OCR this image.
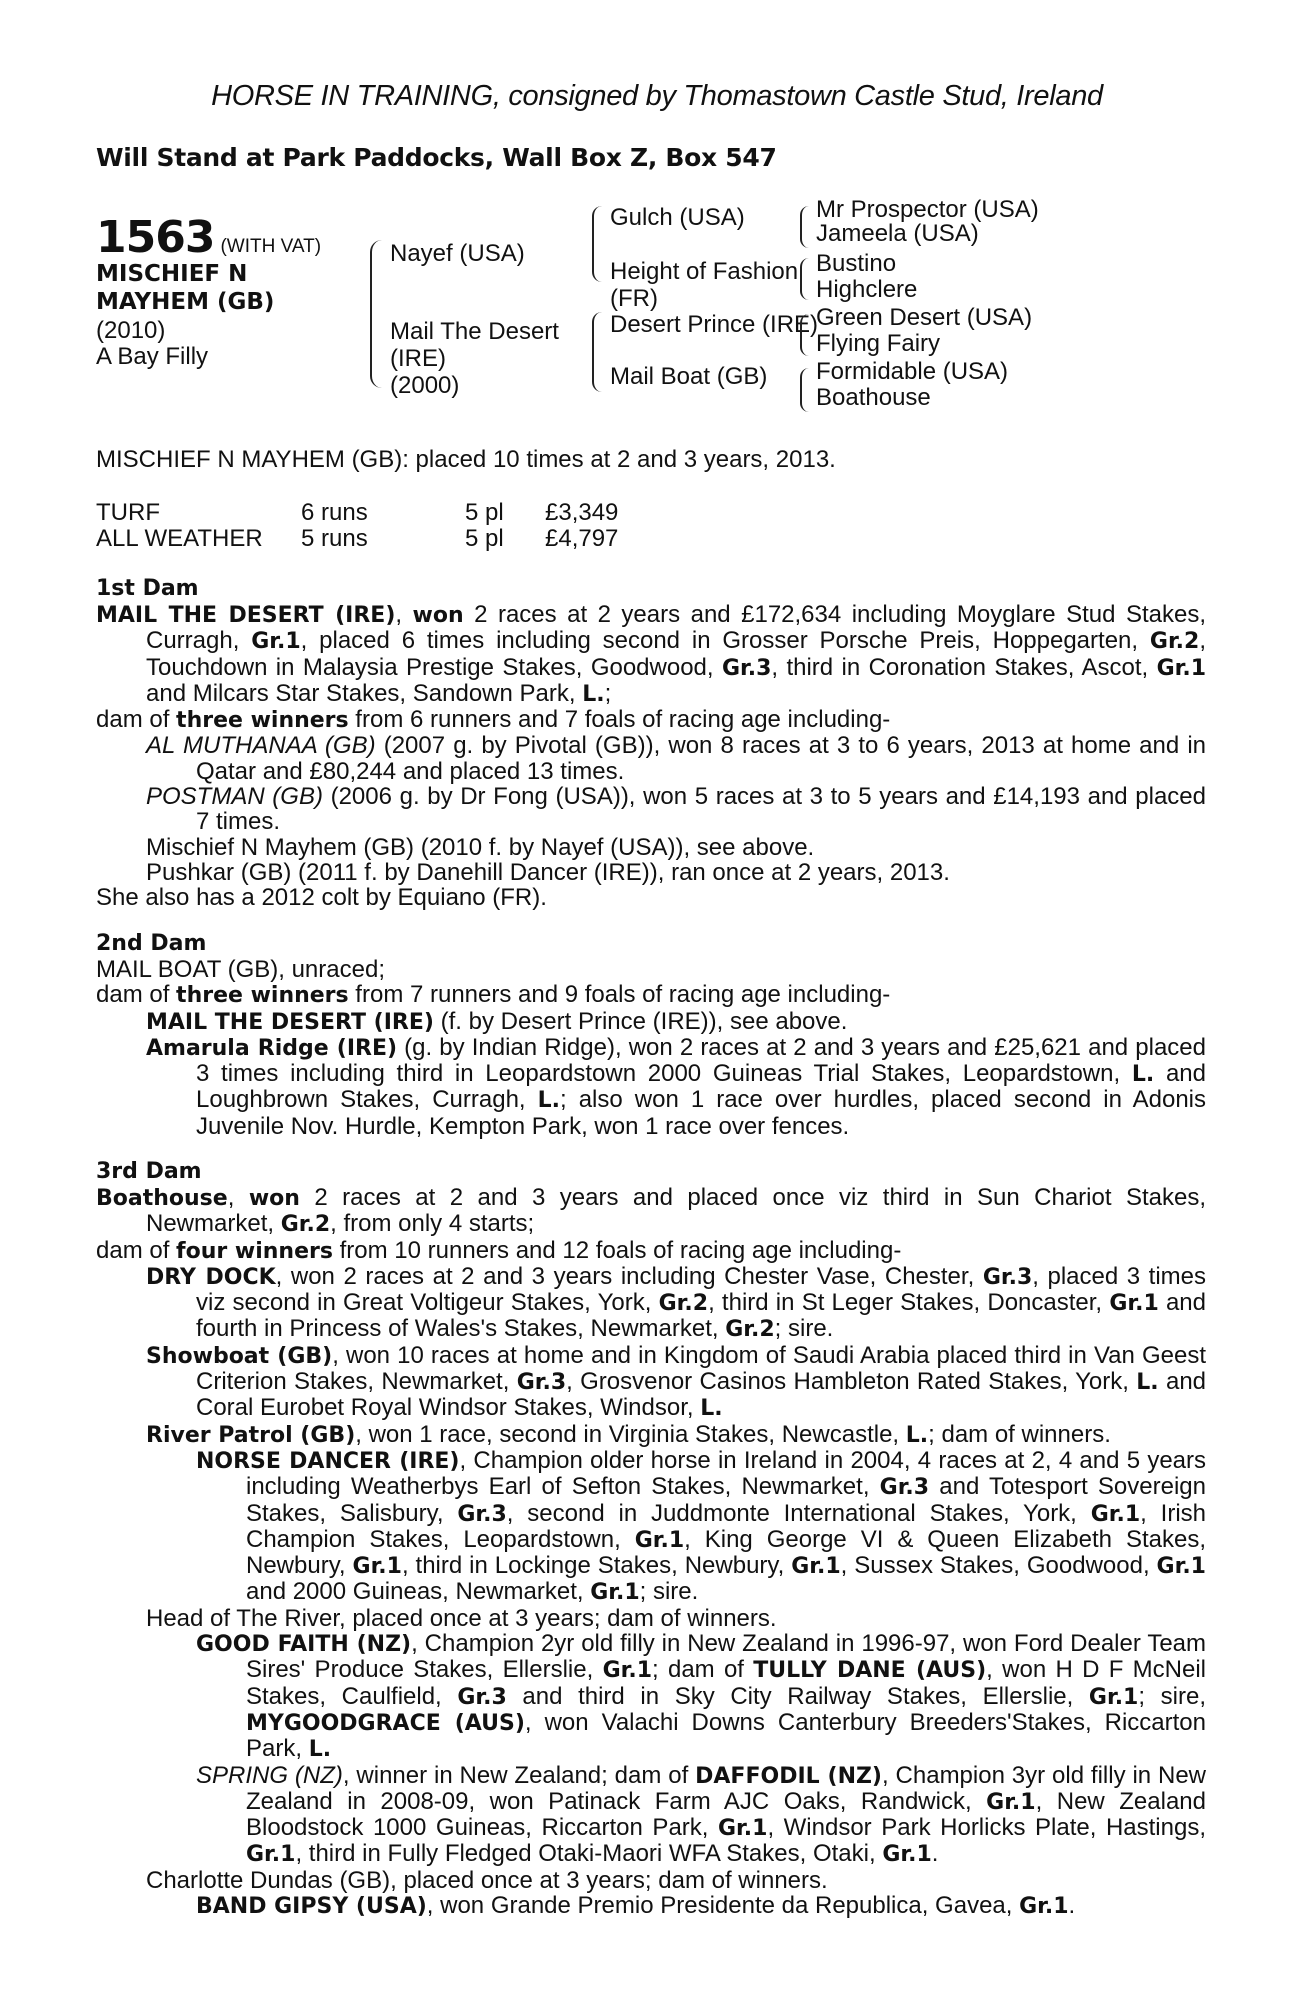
HORSE IN TRAINING, consigned by Thomastown Castle Stud, Ireland
Will Stand at Park Paddocks, Wall Box Z, Box 547
1563 (WITH VAT)
MISCHIEF N
MAYHEM (GB)
(2010)
A Bay Filly
Nayef (USA)
Mail The Desert
(IRE)
(2000)
Gulch (USA)
Height of Fashion
(FR)
Desert Prince (IRE)
Mail Boat (GB)
Mr Prospector (USA)
Jameela (USA)
Bustino
Highclere
Green Desert (USA)
Flying Fairy
Formidable (USA)
Boathouse
MISCHIEF N MAYHEM (GB): placed 10 times at 2 and 3 years, 2013.
TURF	6 runs	5 pl £3,349
ALL WEATHER 5 runs	5 pl £4,797
1st Dam

MAIL THE DESERT (IRE), won 2 races at 2 years and £172,634 including Moyglare Stud Stakes, Curragh, Gr.1, placed 6 times including second in Grosser Porsche Preis, Hoppegarten, Gr.2, Touchdown in Malaysia Prestige Stakes, Goodwood, Gr.3, third in Coronation Stakes, Ascot, Gr.1 and Milcars Star Stakes, Sandown Park, L.;

dam of three winners from 6 runners and 7 foals of racing age including-

AL MUTHANAA (GB) (2007 g. by Pivotal (GB)), won 8 races at 3 to 6 years, 2013 at home and in Qatar and £80,244 and placed 13 times.

POSTMAN (GB) (2006 g. by Dr Fong (USA)), won 5 races at 3 to 5 years and £14,193 and placed 7 times.

Mischief N Mayhem (GB) (2010 f. by Nayef (USA)), see above.

Pushkar (GB) (2011 f. by Danehill Dancer (IRE)), ran once at 2 years, 2013.

She also has a 2012 colt by Equiano (FR).

2nd Dam

MAIL BOAT (GB), unraced;

dam of three winners from 7 runners and 9 foals of racing age including-

MAIL THE DESERT (IRE) (f. by Desert Prince (IRE)), see above.

Amarula Ridge (IRE) (g. by Indian Ridge), won 2 races at 2 and 3 years and £25,621 and placed 3 times including third in Leopardstown 2000 Guineas Trial Stakes, Leopardstown, L. and Loughbrown Stakes, Curragh, L.; also won 1 race over hurdles, placed second in Adonis Juvenile Nov. Hurdle, Kempton Park, won 1 race over fences.

3rd Dam

Boathouse, won 2 races at 2 and 3 years and placed once viz third in Sun Chariot Stakes, Newmarket, Gr.2, from only 4 starts;

dam of four winners from 10 runners and 12 foals of racing age including-

DRY DOCK, won 2 races at 2 and 3 years including Chester Vase, Chester, Gr.3, placed 3 times viz second in Great Voltigeur Stakes, York, Gr.2, third in St Leger Stakes, Doncaster, Gr.1 and fourth in Princess of Wales's Stakes, Newmarket, Gr.2; sire.

Showboat (GB), won 10 races at home and in Kingdom of Saudi Arabia placed third in Van Geest Criterion Stakes, Newmarket, Gr.3, Grosvenor Casinos Hambleton Rated Stakes, York, L. and Coral Eurobet Royal Windsor Stakes, Windsor, L.

River Patrol (GB), won 1 race, second in Virginia Stakes, Newcastle, L.; dam of winners.

NORSE DANCER (IRE), Champion older horse in Ireland in 2004, 4 races at 2, 4 and 5 years including Weatherbys Earl of Sefton Stakes, Newmarket, Gr.3 and Totesport Sovereign Stakes, Salisbury, Gr.3, second in Juddmonte International Stakes, York, Gr.1, Irish Champion Stakes, Leopardstown, Gr.1, King George VI & Queen Elizabeth Stakes, Newbury, Gr.1, third in Lockinge Stakes, Newbury, Gr.1, Sussex Stakes, Goodwood, Gr.1 and 2000 Guineas, Newmarket, Gr.1; sire.

Head of The River, placed once at 3 years; dam of winners.

GOOD FAITH (NZ), Champion 2yr old filly in New Zealand in 1996-97, won Ford Dealer Team Sires' Produce Stakes, Ellerslie, Gr.1; dam of TULLY DANE (AUS), won H D F McNeil Stakes, Caulfield, Gr.3 and third in Sky City Railway Stakes, Ellerslie, Gr.1; sire, MYGOODGRACE (AUS), won Valachi Downs Canterbury Breeders'Stakes, Riccarton Park, L.

SPRING (NZ), winner in New Zealand; dam of DAFFODIL (NZ), Champion 3yr old filly in New Zealand in 2008-09, won Patinack Farm AJC Oaks, Randwick, Gr.1, New Zealand Bloodstock 1000 Guineas, Riccarton Park, Gr.1, Windsor Park Horlicks Plate, Hastings, Gr.1, third in Fully Fledged Otaki-Maori WFA Stakes, Otaki, Gr.1.

Charlotte Dundas (GB), placed once at 3 years; dam of winners.

BAND GIPSY (USA), won Grande Premio Presidente da Republica, Gavea, Gr.1.
